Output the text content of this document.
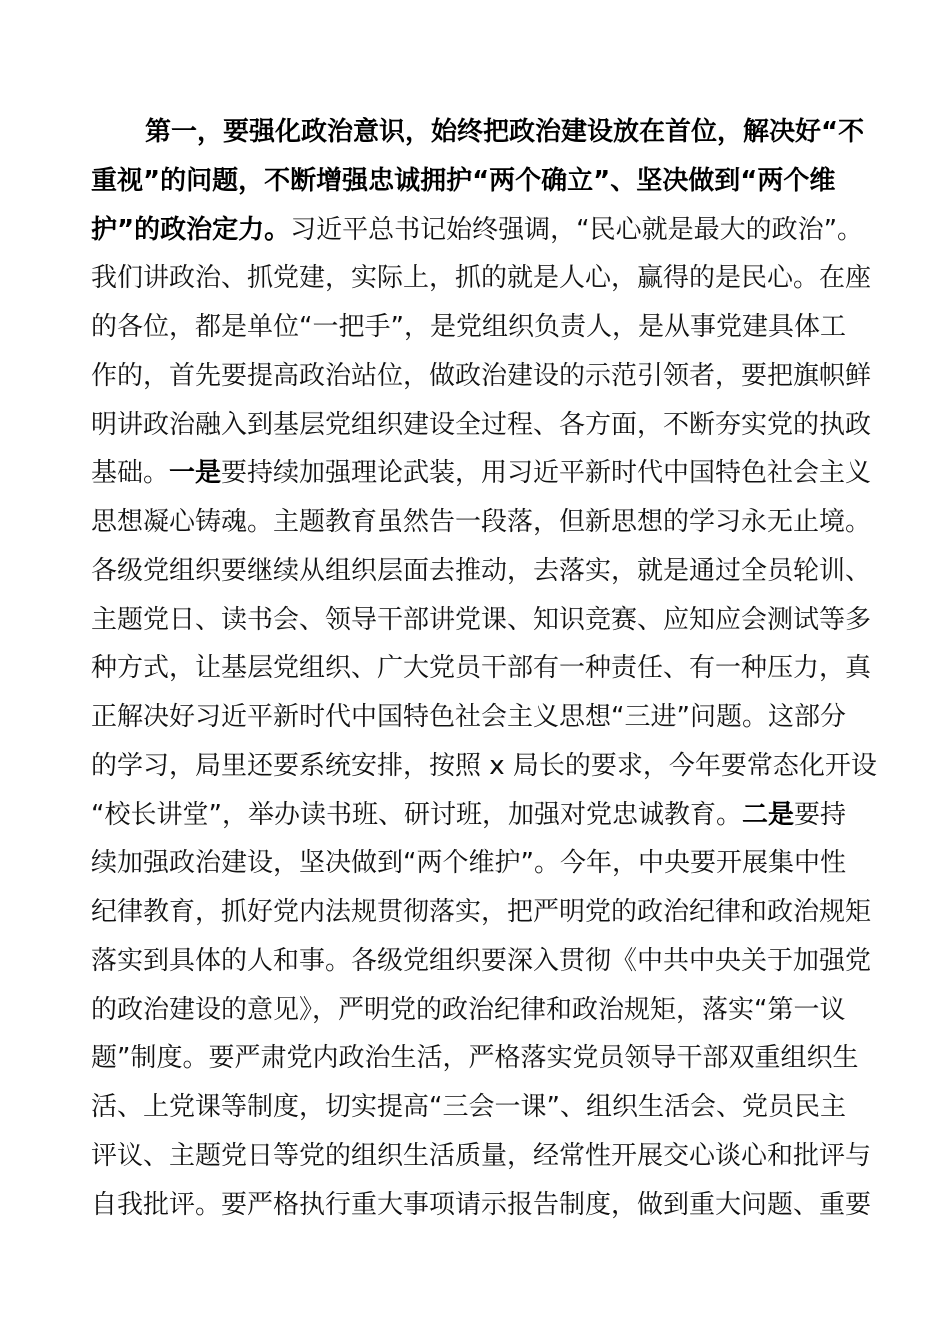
第一，要强化政治意识，始终把政治建设放在首位，解决好“不
重视”的问题，不断增强忠诚拥护“两个确立”、坚决做到“两个维
护”的政治定力。习近平总书记始终强调，“民心就是最大的政治”。
我们讲政治、抓党建，实际上，抓的就是人心，赢得的是民心。在座
的各位，都是单位“一把手”，是党组织负责人，是从事党建具体工
作的，首先要提高政治站位，做政治建设的示范引领者，要把旗帜鲜
明讲政治融入到基层党组织建设全过程、各方面，不断夯实党的执政
基础。一是要持续加强理论武装，用习近平新时代中国特色社会主义
思想凝心铸魂。主题教育虽然告一段落，但新思想的学习永无止境。
各级党组织要继续从组织层面去推动，去落实，就是通过全员轮训、
主题党日、读书会、领导干部讲党课、知识竞赛、应知应会测试等多
种方式，让基层党组织、广大党员干部有一种责任、有一种压力，真
正解决好习近平新时代中国特色社会主义思想“三进”问题。这部分
的学习，局里还要系统安排，按照 x 局长的要求，今年要常态化开设
“校长讲堂”，举办读书班、研讨班，加强对党忠诚教育。二是要持
续加强政治建设，坚决做到“两个维护”。今年，中央要开展集中性
纪律教育，抓好党内法规贯彻落实，把严明党的政治纪律和政治规矩
落实到具体的人和事。各级党组织要深入贯彻《中共中央关于加强党
的政治建设的意见》，严明党的政治纪律和政治规矩，落实“第一议
题”制度。要严肃党内政治生活，严格落实党员领导干部双重组织生
活、上党课等制度，切实提高“三会一课”、组织生活会、党员民主
评议、主题党日等党的组织生活质量，经常性开展交心谈心和批评与
自我批评。要严格执行重大事项请示报告制度，做到重大问题、重要
